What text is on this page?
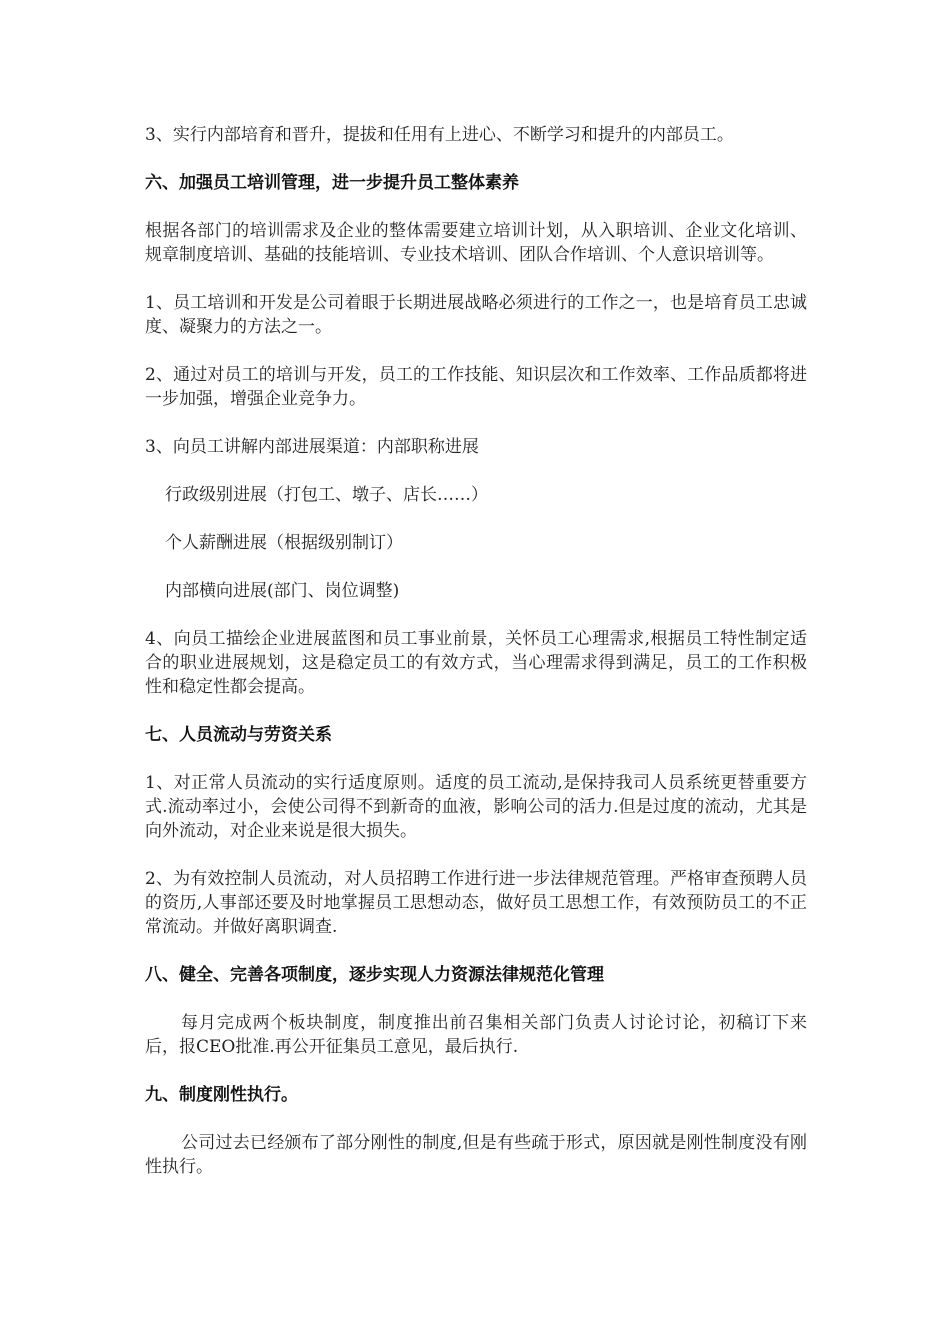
3、实行内部培育和晋升，提拔和任用有上进心、不断学习和提升的内部员工。

六、加强员工培训管理，进一步提升员工整体素养

根据各部门的培训需求及企业的整体需要建立培训计划，从入职培训、企业文化培训、规章制度培训、基础的技能培训、专业技术培训、团队合作培训、个人意识培训等。

1、员工培训和开发是公司着眼于长期进展战略必须进行的工作之一，也是培育员工忠诚度、凝聚力的方法之一。

2、通过对员工的培训与开发，员工的工作技能、知识层次和工作效率、工作品质都将进一步加强，增强企业竞争力。

3、向员工讲解内部进展渠道：内部职称进展

行政级别进展（打包工、墩子、店长……）

个人薪酬进展（根据级别制订）

内部横向进展(部门、岗位调整)

4、向员工描绘企业进展蓝图和员工事业前景，关怀员工心理需求,根据员工特性制定适合的职业进展规划，这是稳定员工的有效方式，当心理需求得到满足，员工的工作积极性和稳定性都会提高。

七、人员流动与劳资关系

1、对正常人员流动的实行适度原则。适度的员工流动,是保持我司人员系统更替重要方式.流动率过小，会使公司得不到新奇的血液，影响公司的活力.但是过度的流动，尤其是向外流动，对企业来说是很大损失。

2、为有效控制人员流动，对人员招聘工作进行进一步法律规范管理。严格审查预聘人员的资历,人事部还要及时地掌握员工思想动态，做好员工思想工作，有效预防员工的不正常流动。并做好离职调查.

八、健全、完善各项制度，逐步实现人力资源法律规范化管理

每月完成两个板块制度，制度推出前召集相关部门负责人讨论讨论，初稿订下来后，报CEO批准.再公开征集员工意见，最后执行.

九、制度刚性执行。

公司过去已经颁布了部分刚性的制度,但是有些疏于形式，原因就是刚性制度没有刚性执行。
